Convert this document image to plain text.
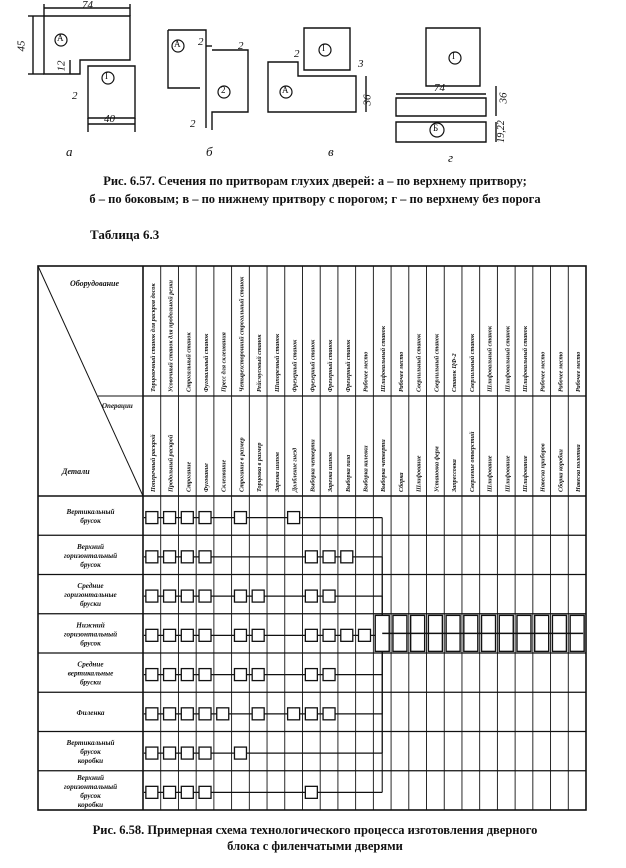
74
45
12
2
40
А
I
а
2	2
2
А
2
б
2
3
36
I
А
в
74
36
19,22
I
Б
г
Рис. 6.57. Сечения по притворам глухих дверей: а – по верхнему притвору;
б – по боковым; в – по нижнему притвору с порогом; г – по верхнему без порога
Таблица 6.3
Оборудование
Операции
Детали
Торцовочный станок для раскроя досок
Поперечный раскрой
Усовочный станок для продольной резки
Продольный раскрой
Строгальный станок
Строгание
Фуговальный станок
Фугование
Пресс для склеивания
Склеивание
Четырехсторонний строгальный станок
Строгание в размер
Рейсмусовый станок
Торцовка в размер
Шипорезный станок
Зарезка шипов
Фрезерный станок
Долбление гнезд
Фрезерный станок
Выборка четверти
Фрезерный станок
Зарезка шипов
Фрезерный станок
Выборка паза
Рабочее место
Выборка калевки
Шлифовальный станок
Выборка четверти
Рабочее место
Сборка
Сверлильный станок
Шлифование
Сверлильный станок
Установка ферм
Станок ЦФ-2
Запрессовка
Сверлильный станок
Сверление отверстий
Шлифовальный станок
Шлифование
Шлифовальный станок
Шлифование
Шлифовальный станок
Шлифование
Рабочее место
Навеска приборов
Рабочее место
Сборка коробки
Рабочее место
Навеска полотна
Вертикальный
брусок
Верхний
горизонтальный
брусок
Средние
горизонтальные
бруски
Нижний
горизонтальный
брусок
Средние
вертикальные
бруски
Филенка
Вертикальный
брусок
коробки
Верхний
горизонтальный
брусок
коробки
Рис. 6.58. Примерная схема технологического процесса изготовления дверного
блока с филенчатыми дверями
